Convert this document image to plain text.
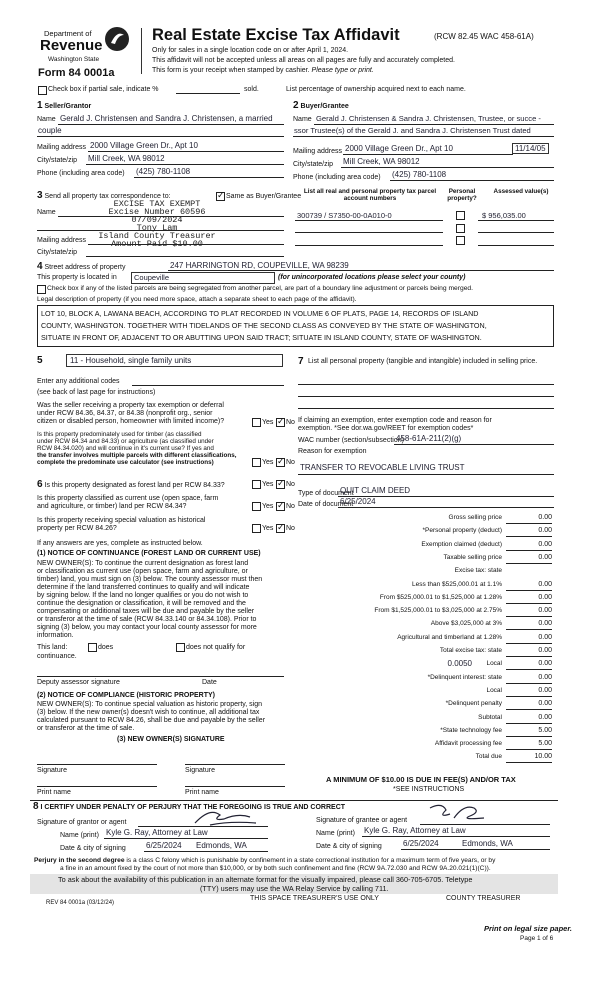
Department of
Revenue
Washington State
Form 84 0001a
Real Estate Excise Tax Affidavit	(RCW 82.45 WAC 458-61A)
Only for sales in a single location code on or after April 1, 2024.
This affidavit will not be accepted unless all areas on all pages are fully and accurately completed.
This form is your receipt when stamped by cashier. Please type or print.
Check box if partial sale, indicate %	sold.	List percentage of ownership acquired next to each name.
1 Seller/Grantor
Name Gerald J. Christensen and Sandra J. Christensen, a married
couple
Mailing address 2000 Village Green Dr., Apt 10
City/state/zip Mill Creek, WA 98012
Phone (including area code) (425) 780-1108
2 Buyer/Grantee
Name Gerald J. Christensen & Sandra J. Christensen, Trustee, or succe -
ssor Trustee(s) of the Gerald J. and Sandra J. Christensen Trust dated
Mailing address 2000 Village Green Dr., Apt 10	11/14/05
City/state/zip Mill Creek, WA 98012
Phone (including area code) (425) 780-1108
3 Send all property tax correspondence to: ✓	Same as Buyer/Grantee
Name
Mailing address
City/state/zip
EXCISE TAX EXEMPT
Excise Number 60596
07/09/2024
Tony Lam
Island County Treasurer
Amount Paid $10.00
List all real and personal property tax parcel account numbers
Personal property?
Assessed value(s)
300739 / S7350-00-0A010-0	$ 956,035.00
4 Street address of property	247 HARRINGTON RD, COUPEVILLE, WA 98239
This property is located in	Coupeville	(for unincorporated locations please select your county)
Check box if any of the listed parcels are being segregated from another parcel, are part of a boundary line adjustment or parcels being merged.
Legal description of property (if you need more space, attach a separate sheet to each page of the affidavit).
LOT 10, BLOCK A, LAWANA BEACH, ACCORDING TO PLAT RECORDED IN VOLUME 6 OF PLATS, PAGE 14, RECORDS OF ISLAND
COUNTY, WASHINGTON. TOGETHER WITH TIDELANDS OF THE SECOND CLASS AS CONVEYED BY THE STATE OF WASHINGTON,
SITUATE IN FRONT OF, ADJACENT TO OR ABUTTING UPON SAID TRACT; SITUATE IN ISLAND COUNTY, STATE OF WASHINGTON.
5	11 - Household, single family units
Enter any additional codes
(see back of last page for instructions)
Was the seller receiving a property tax exemption or deferral
under RCW 84.36, 84.37, or 84.38 (nonprofit org., senior
citizen or disabled person, homeowner with limited income)?	Yes ✓ No
Is this property predominately used for timber (as classified
under RCW 84.34 and 84.33) or agriculture (as classified under
RCW 84.34.020) and will continue in it's current use? If yes and
the transfer involves multiple parcels with different classifications,
complete the predominate use calculator (see instructions)	Yes ✓ No
6 Is this property designated as forest land per RCW 84.33?	Yes ✓ No
Is this property classified as current use (open space, farm
and agriculture, or timber) land per RCW 84.34?	Yes ✓ No
Is this property receiving special valuation as historical
property per RCW 84.26?	Yes ✓ No
If any answers are yes, complete as instructed below.
(1) NOTICE OF CONTINUANCE (FOREST LAND OR CURRENT USE)
NEW OWNER(S): To continue the current designation as forest land
or classification as current use (open space, farm and agriculture, or
timber) land, you must sign on (3) below. The county assessor must then
determine if the land transferred continues to qualify and will indicate
by signing below. If the land no longer qualifies or you do not wish to
continue the designation or classification, it will be removed and the
compensating or additional taxes will be due and payable by the seller
or transferor at the time of sale (RCW 84.33.140 or 84.34.108). Prior to
signing (3) below, you may contact your local county assessor for more
information.
This land:	does	does not qualify for
continuance.
Deputy assessor signature	Date
(2) NOTICE OF COMPLIANCE (HISTORIC PROPERTY)
NEW OWNER(S): To continue special valuation as historic property, sign
(3) below. If the new owner(s) doesn't wish to continue, all additional tax
calculated pursuant to RCW 84.26, shall be due and payable by the seller
or transferor at the time of sale.
(3) NEW OWNER(S) SIGNATURE
Signature	Signature
Print name	Print name
7 List all personal property (tangible and intangible) included in selling price.
If claiming an exemption, enter exemption code and reason for
exemption. *See dor.wa.gov/REET for exemption codes*
WAC number (section/subsection)
458-61A-211(2)(g)
Reason for exemption
TRANSFER TO REVOCABLE LIVING TRUST
Type of document
QUIT CLAIM DEED
Date of document
6/25/2024
Gross selling price	0.00
*Personal property (deduct)	0.00
Exemption claimed (deduct)	0.00
Taxable selling price	0.00
Excise tax: state
Less than $525,000.01 at 1.1%	0.00
From $525,000.01 to $1,525,000 at 1.28%	0.00
From $1,525,000.01 to $3,025,000 at 2.75%	0.00
Above $3,025,000 at 3%	0.00
Agricultural and timberland at 1.28%	0.00
Total excise tax: state	0.00
Local
0.0050	0.00
*Delinquent interest: state	0.00
Local	0.00
*Delinquent penalty	0.00
Subtotal	0.00
*State technology fee	5.00
Affidavit processing fee	5.00
Total due	10.00
A MINIMUM OF $10.00 IS DUE IN FEE(S) AND/OR TAX
*SEE INSTRUCTIONS
8 I CERTIFY UNDER PENALTY OF PERJURY THAT THE FOREGOING IS TRUE AND CORRECT
Signature of grantor or agent
Name (print) Kyle G. Ray, Attorney at Law
Date & city of signing	6/25/2024 Edmonds, WA
Signature of grantee or agent
Name (print) Kyle G. Ray, Attorney at Law
Date & city of signing	6/25/2024	Edmonds, WA
Perjury in the second degree is a class C felony which is punishable by confinement in a state correctional institution for a maximum term of five years, or by
a fine in an amount fixed by the court of not more than $10,000, or by both such confinement and fine (RCW 9A.72.030 and RCW 9A.20.021(1)(C)).
To ask about the availability of this publication in an alternate format for the visually impaired, please call 360-705-6705. Teletype
(TTY) users may use the WA Relay Service by calling 711.
REV 84 0001a (03/12/24)
THIS SPACE TREASURER'S USE ONLY	COUNTY TREASURER
Print on legal size paper.
Page 1 of 6
